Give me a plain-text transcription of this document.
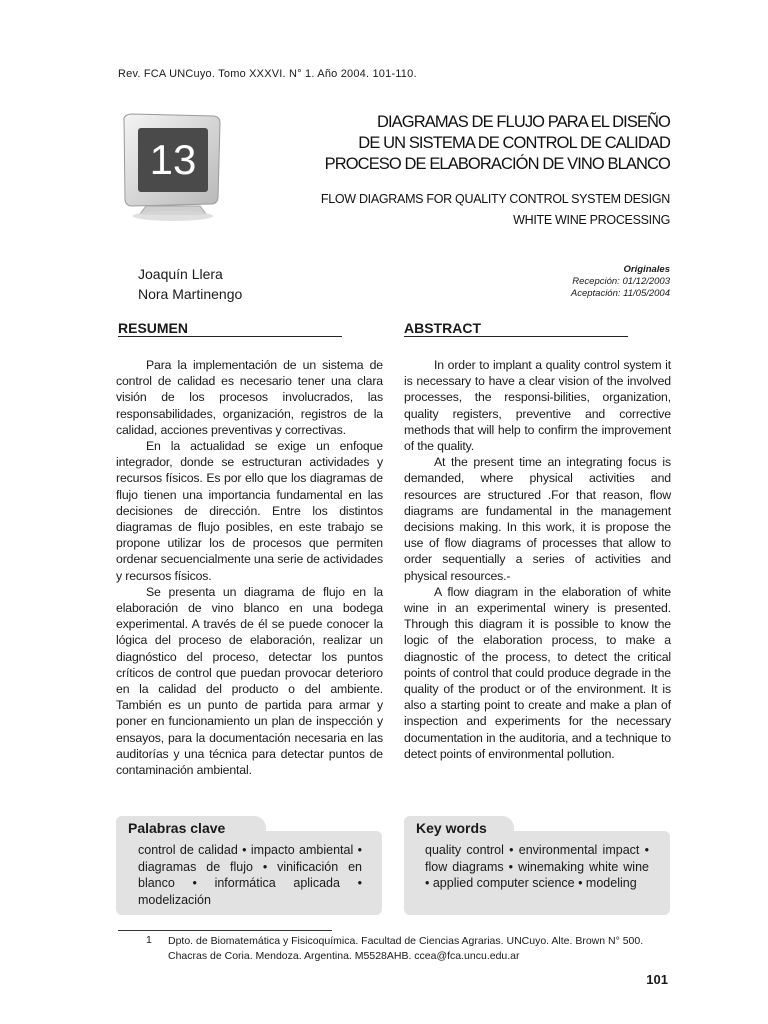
Rev. FCA UNCuyo. Tomo XXXVI. N° 1. Año 2004. 101-110.
13
DIAGRAMAS DE FLUJO PARA EL DISEÑO
DE UN SISTEMA DE CONTROL DE CALIDAD
PROCESO DE ELABORACIÓN DE VINO BLANCO
FLOW DIAGRAMS FOR QUALITY CONTROL SYSTEM DESIGN
WHITE WINE PROCESSING
Joaquín Llera
Nora Martinengo
Originales
Recepción: 01/12/2003
Aceptación: 11/05/2004
RESUMEN	ABSTRACT

Para la implementación de un sistema de control de calidad es necesario tener una clara visión de los procesos involucrados, las responsabilidades, organización, registros de la calidad, acciones preventivas y correctivas.

En la actualidad se exige un enfoque integrador, donde se estructuran actividades y recursos físicos. Es por ello que los diagramas de flujo tienen una importancia fundamental en las decisiones de dirección. Entre los distintos diagramas de flujo posibles, en este trabajo se propone utilizar los de procesos que permiten ordenar secuencialmente una serie de actividades y recursos físicos.

Se presenta un diagrama de flujo en la elaboración de vino blanco en una bodega experimental. A través de él se puede conocer la lógica del proceso de elaboración, realizar un diagnóstico del proceso, detectar los puntos críticos de control que puedan provocar deterioro en la calidad del producto o del ambiente. También es un punto de partida para armar y poner en funcionamiento un plan de inspección y ensayos, para la documentación necesaria en las auditorías y una técnica para detectar puntos de contaminación ambiental.

In order to implant a quality control system it is necessary to have a clear vision of the involved processes, the responsi-bilities, organization, quality registers, preventive and corrective methods that will help to confirm the improvement of the quality.

At the present time an integrating focus is demanded, where physical activities and resources are structured .For that reason, flow diagrams are fundamental in the management decisions making. In this work, it is propose the use of flow diagrams of processes that allow to order sequentially a series of activities and physical resources.-

A flow diagram in the elaboration of white wine in an experimental winery is presented. Through this diagram it is possible to know the logic of the elaboration process, to make a diagnostic of the process, to detect the critical points of control that could produce degrade in the quality of the product or of the environment. It is also a starting point to create and make a plan of inspection and experiments for the necessary documentation in the auditoria, and a technique to detect points of environmental pollution.

Palabras clave
control de calidad • impacto ambiental • diagramas de flujo • vinificación en blanco • informática aplicada • modelización
Key words
quality control • environmental impact • flow diagrams • winemaking white wine • applied computer science • modeling
1 Dpto. de Biomatemática y Fisicoquímica. Facultad de Ciencias Agrarias. UNCuyo. Alte. Brown N° 500. Chacras de Coria. Mendoza. Argentina. M5528AHB. ccea@fca.uncu.edu.ar
101
